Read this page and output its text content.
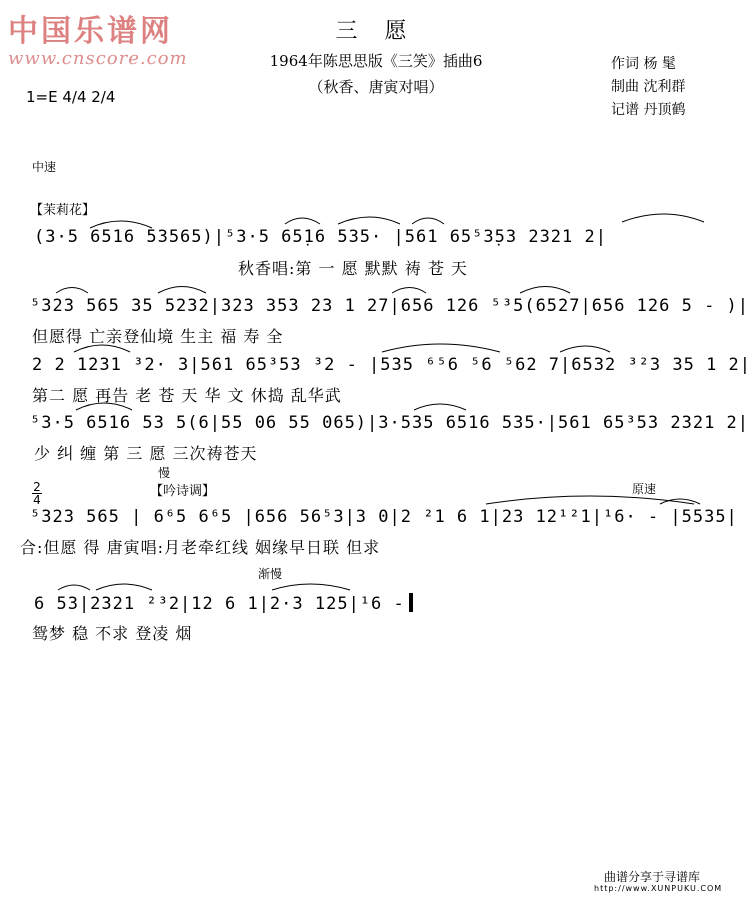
中国乐谱网
www.cnscore.com
三 愿
1964年陈思思版《三笑》插曲6
（秋香、唐寅对唱）
1=E 4/4 2/4
作词 杨 髦
制曲 沈利群
记谱 丹顶鹤
中速
【茉莉花】
(3·5 6516 53565)|⁵3·5 65̣16 535· |561 65⁵3̣53 2321 2|
秋香唱:第 一 愿 默默 祷 苍 天
⁵323 565 35 5232|323 353 23 1 27|656 126 ⁵³5(6527|656 126 5 - )|
但愿得 亡亲登仙境 生主 福 寿 全
2 2 1231 ³2· 3|561 65³53 ³2 - |535 ⁶⁵6 ⁵6 ⁵62 7|6532 ³²3 35 1 2|
第二 愿 再告 老 苍 天 华 文 休捣 乱华武
⁵3·5 6516 53 5(6|55 06 55 065)|3·535 6516 535·|561 65³53 2321 2|
少 纠 缠 第 三 愿 三次祷苍天
慢
【吟诗调】	原速
2
4
⁵323 565 | 6⁶5 6⁶5 |656 56⁵3|3 0|2 ²1 6 1|23 12¹²1|¹6· - |5535|
合:但愿 得 唐寅唱:月老牵红线 姻缘早日联 但求
渐慢
6 53|2321 ²³2|12 6 1|2·3 125|¹6 -
鸳梦 稳 不求 登凌 烟
曲谱分享于寻谱库
http://www.XUNPUKU.COM
